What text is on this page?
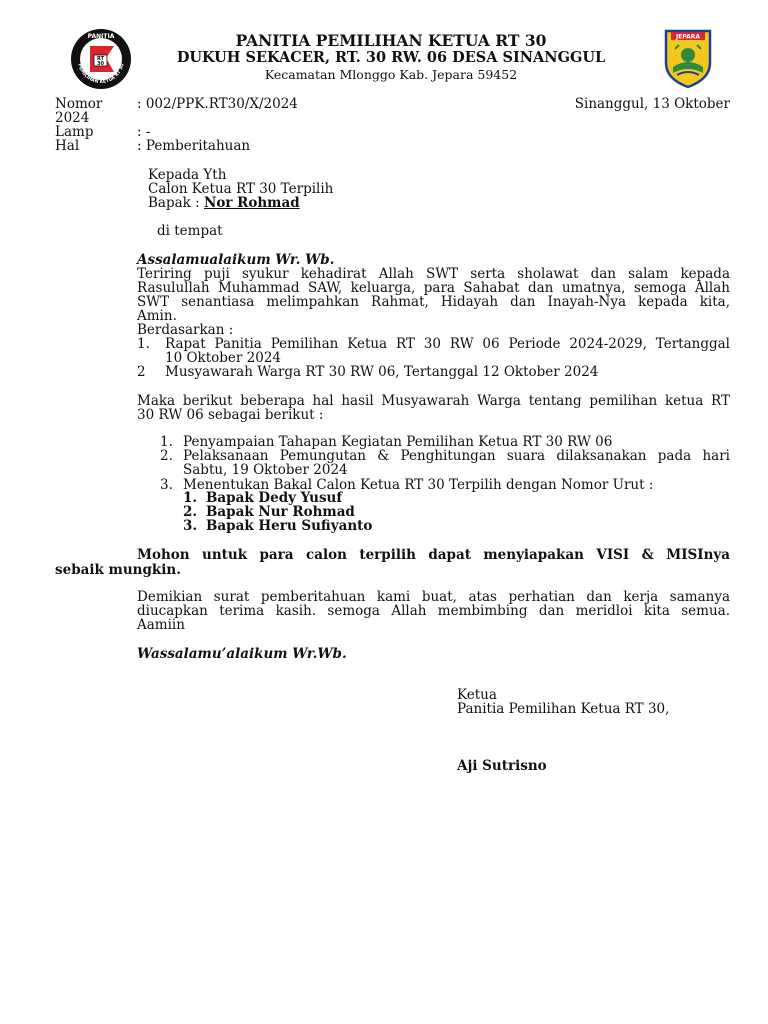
RT
30
PANITIA
PEMILIHAN KETUA RT 30
PANITIA PEMILIHAN KETUA RT 30
DUKUH SEKACER, RT. 30 RW. 06 DESA SINANGGUL
Kecamatan Mlonggo Kab. Jepara 59452
JEPARA
Nomor	: 002/PPK.RT30/X/2024	Sinanggul, 13 Oktober
2024
Lamp	: -
Hal	: Pemberitahuan
Kepada Yth
Calon Ketua RT 30 Terpilih
Bapak : Nor Rohmad
di tempat
Assalamualaikum Wr. Wb.
Teriring puji syukur kehadirat Allah SWT serta sholawat dan salam kepada
Rasulullah Muhammad SAW, keluarga, para Sahabat dan umatnya, semoga Allah
SWT senantiasa melimpahkan Rahmat, Hidayah dan Inayah-Nya kepada kita,
Amin.
Berdasarkan :
1. Rapat Panitia Pemilihan Ketua RT 30 RW 06 Periode 2024-2029, Tertanggal
10 Oktober 2024
2 Musyawarah Warga RT 30 RW 06, Tertanggal 12 Oktober 2024
Maka berikut beberapa hal hasil Musyawarah Warga tentang pemilihan ketua RT
30 RW 06 sebagai berikut :
1. Penyampaian Tahapan Kegiatan Pemilihan Ketua RT 30 RW 06
2. Pelaksanaan Pemungutan & Penghitungan suara dilaksanakan pada hari
Sabtu, 19 Oktober 2024
3. Menentukan Bakal Calon Ketua RT 30 Terpilih dengan Nomor Urut :
1. Bapak Dedy Yusuf
2. Bapak Nur Rohmad
3. Bapak Heru Sufiyanto
Mohon untuk para calon terpilih dapat menyiapakan VISI & MISInya
sebaik mungkin.
Demikian surat pemberitahuan kami buat, atas perhatian dan kerja samanya
diucapkan terima kasih. semoga Allah membimbing dan meridloi kita semua.
Aamiin
Wassalamu’alaikum Wr.Wb.
Ketua
Panitia Pemilihan Ketua RT 30,
Aji Sutrisno
